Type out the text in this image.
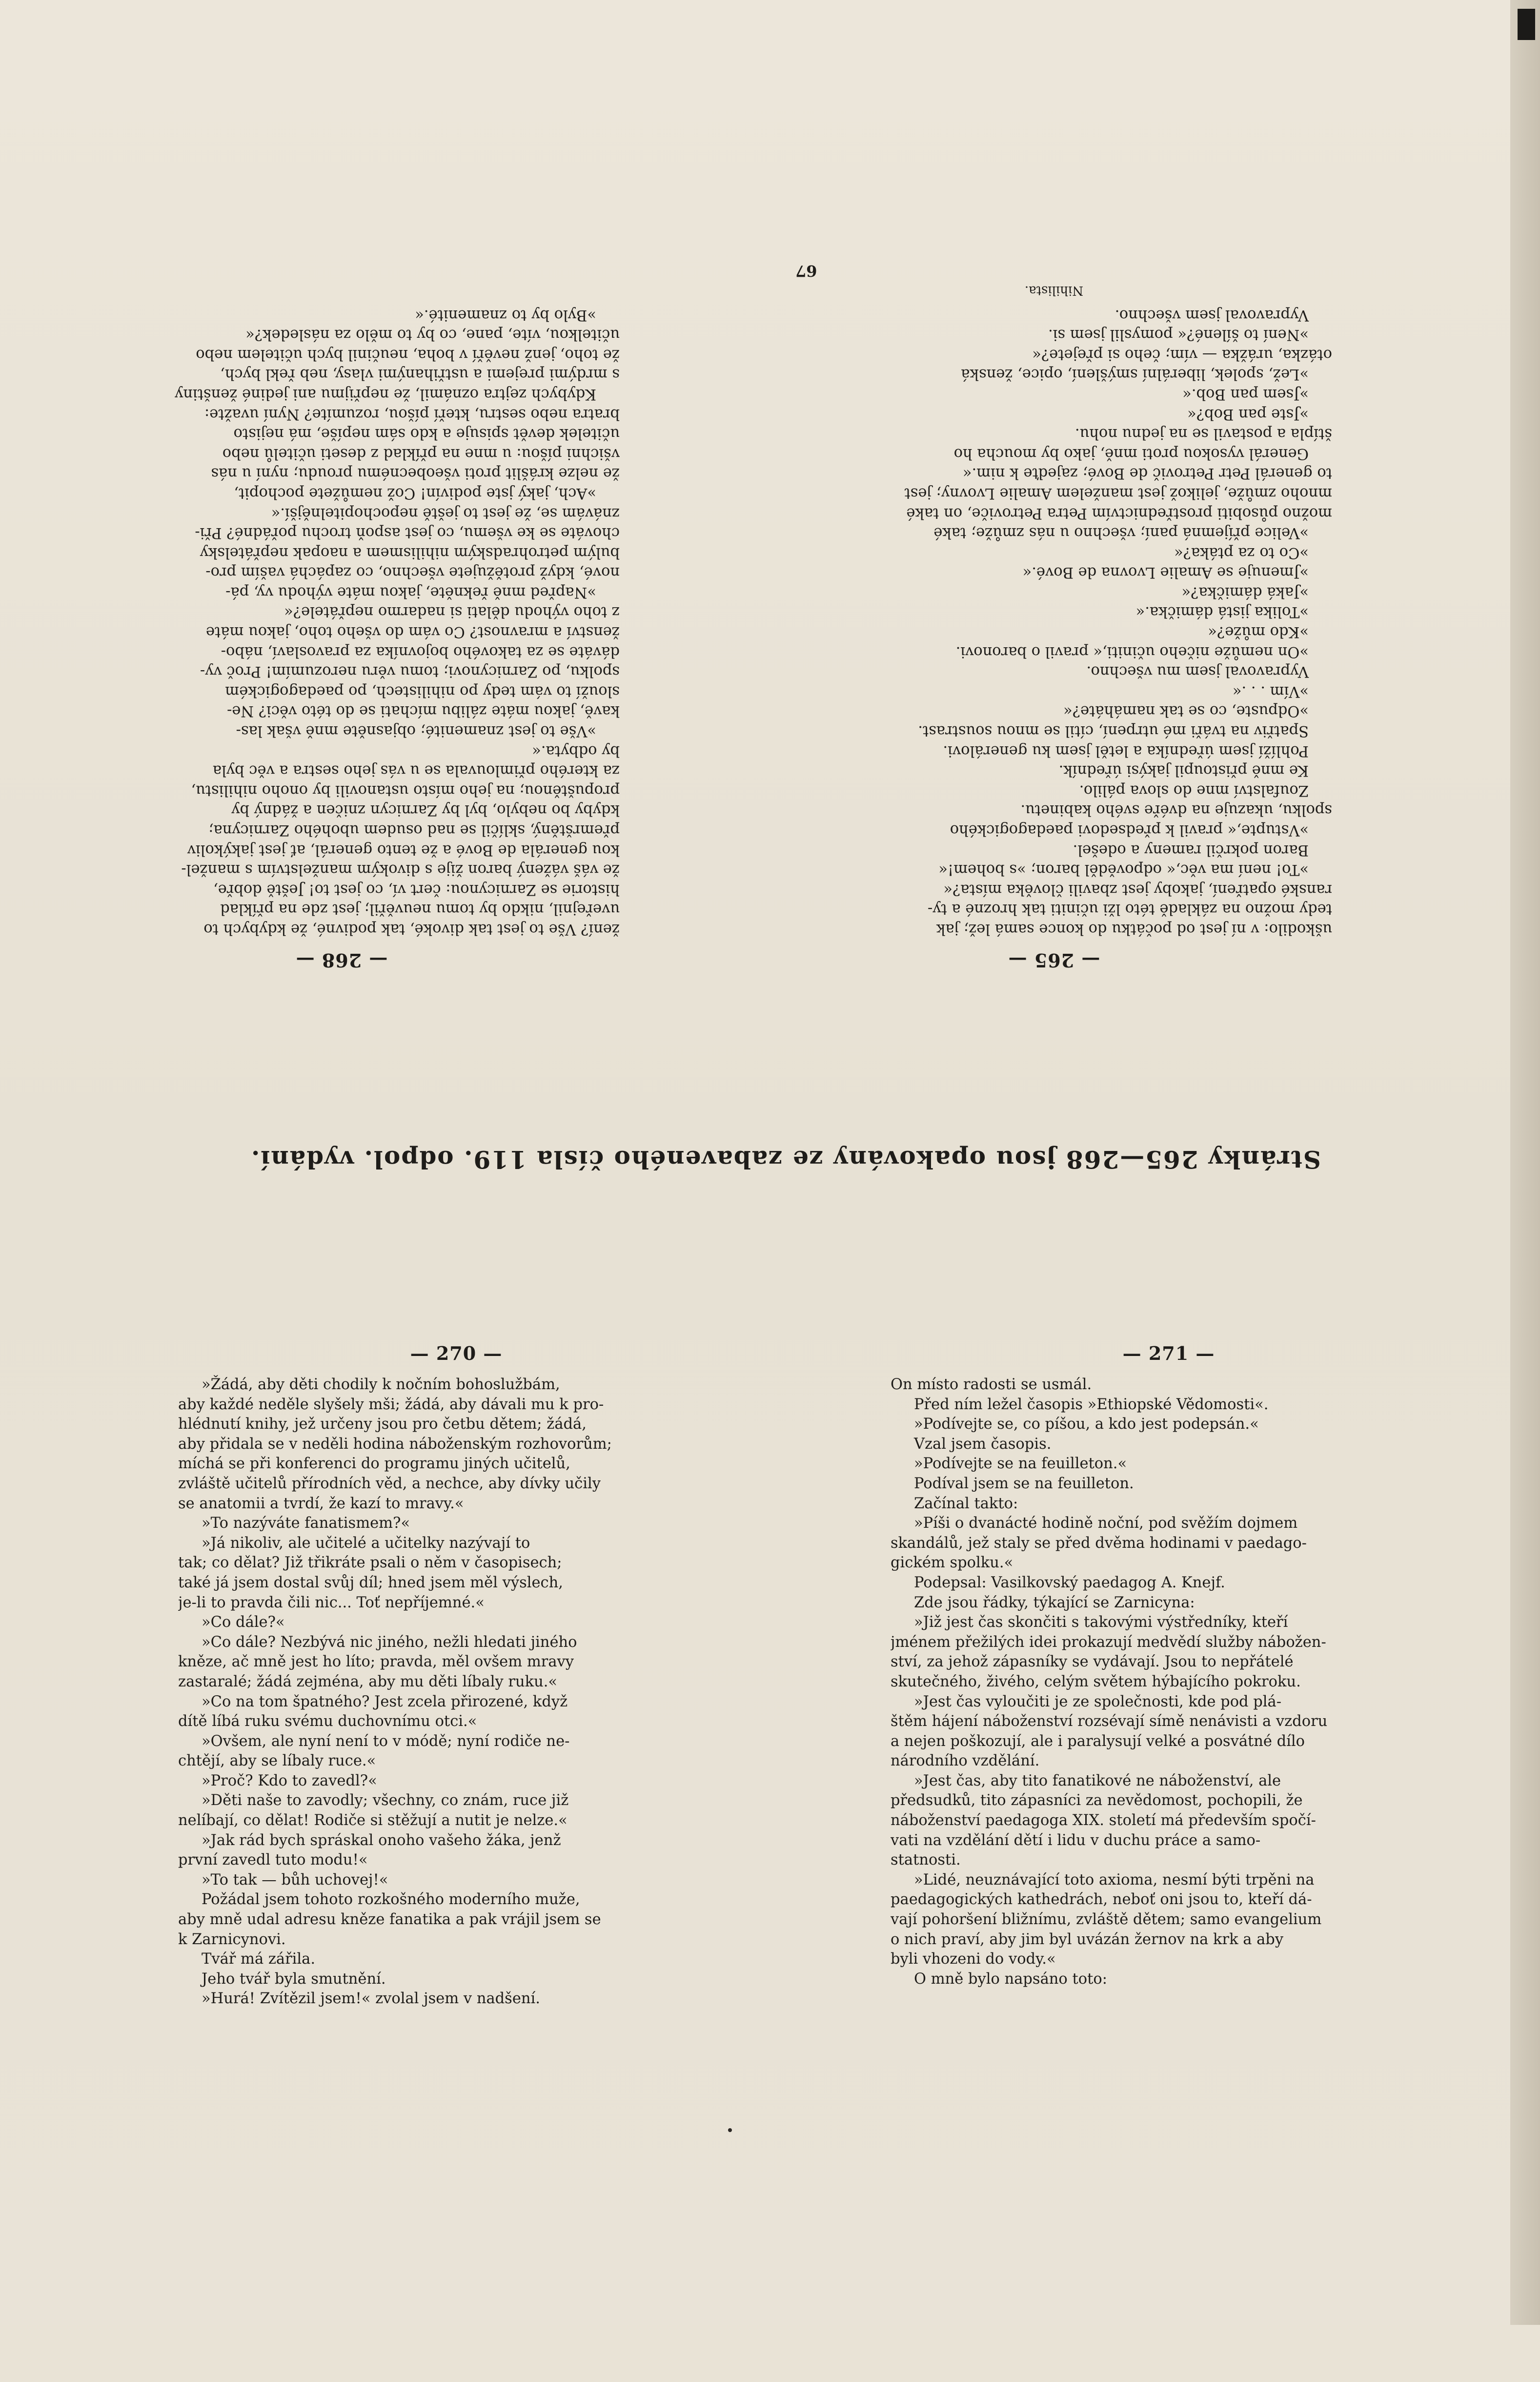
— 265 —
uškodilo: v ní jest od počátku do konce samá lež; jak
tedy možno na základě této lži učiniti tak hrozné a ty-
ranské opatření, jakoby jest zbavili člověka místa?«
»To! není ma věc,« odpověděl baron; »s bohem!«
Baron pokrčil rameny a odešel.
»Vstupte,« pravil k předsedovi paedagogického
spolku, ukazuje na dvéře svého kabinetu.
Zoufalství mne do slova pálilo.
Ke mně přistoupil jakýsi úředník.
Pohlíží jsem úředníka a letěl jsem ku generálovi.
Spatřiv na tváři mé utrpení, cítil se mnou soustrast.
»Odpuste, co se tak namáháte?«
»Vím . . .«
Vypravoval jsem mu všechno.
»On nemůže ničeho učiniti,« pravil o baronovi.
»Kdo může?«
»Tolika jistá dámička.«
»Jaká dámička?«
»Jmenuje se Amalie Lvovna de Bové.«
»Co to za ptáka?«
»Velice příjemná paní; všechno u nás zmůže; také
možno působiti prostřednictvím Petra Petroviče, on také
mnoho zmůže, jelikož jest manželem Amalie Lvovny; jest
to generál Petr Petrovič de Bové; zajeďte k nim.«
Generál vysokou proti mně, jako by moucha ho
štípla a postavil se na jednu nohu.
»Jste pan Bob?«
»Jsem pan Bob.«
»Lež, spolek, liberální smýšlení, opice, ženská
otázka, urážka — vím; čeho si přejete?«
»Není to šílené?« pomyslil jsem si.
Vypravoval jsem všechno.
Nihilista.
67
— 268 —
žení? Vše to jest tak divoké, tak podivné, že kdybych to
uveřejnil, nikdo by tomu neuvěřil; jest zde na příklad
historie se Zarnicynou: čert ví, co jest to! Ještě dobře,
že váš vážený baron žije s divokým manželstvím s manžel-
kou generála de Bové a že tento generál, ať jest jakýkoliv
přemrštěný, sklíčil se nad osudem ubohého Zarnicyna;
kdyby bo nebylo, byl by Zarnicyn zničen a žádný by
propuštěnou; na jeho místo ustanovili by onoho nihilistu,
za kterého přimlouvala se u vás jeho sestra a věc byla
by odbyta.«
»Vše to jest znamenité; objasněte mně však las-
kavě, jakou máte zálibu míchati se do této věci? Ne-
slouží to vám tedy po nihilistech, po paedagogickém
spolku, po Zarnicynovi; tomu věru nerozumím! Proč vy-
dáváte se za takového bojovníka za pravoslaví, nábo-
ženství a mravnost? Co vám do všeho toho, jakou máte
z toho výhodu dělati si nadarmo nepřátele?«
»Napřed mně řekněte, jakou máte výhodu vy, pá-
nové, když protěžujete všechno, co zapáchá vaším pro-
bulým petrohradským nihilismem a naopak nepřátelsky
chováte se ke všemu, co jest aspoň trochu pořádné? Při-
znávám se, že jest to ještě nepochopitelnější.«
»Ach, jaký jste podivín! Což nemůžete pochopit,
že nelze krášlit proti všeobecnému proudu; nyní u nás
všichni píšou: u mne na příklad z deseti učitelů nebo
učitelek devět spisuje a kdo sám nepíše, má nejisto
bratra nebo sestru, kteří píšou, rozumíte? Nyní uvažte:
Kdybych zejtra oznámil, že nepřijmu ani jediné ženštiny
s mrdými prejemi a ustřihanými vlasy, neb řekl bych,
že toho, jenž nevěří v boha, neučinil bych učitelem nebo
učitelkou, víte, pane, co by to mělo za následek?«
»Bylo by to znamenité.«
Stránky 265—268 jsou opakovány ze zabaveného čísla 119. odpol. vydání.
— 270 —
»Žádá, aby děti chodily k nočním bohoslužbám,
aby každé neděle slyšely mši; žádá, aby dávali mu k pro-
hlédnutí knihy, jež určeny jsou pro četbu dětem; žádá,
aby přidala se v neděli hodina náboženským rozhovorům;
míchá se při konferenci do programu jiných učitelů,
zvláště učitelů přírodních věd, a nechce, aby dívky učily
se anatomii a tvrdí, že kazí to mravy.«
»To nazýváte fanatismem?«
»Já nikoliv, ale učitelé a učitelky nazývají to
tak; co dělat? Již třikráte psali o něm v časopisech;
také já jsem dostal svůj díl; hned jsem měl výslech,
je-li to pravda čili nic... Toť nepříjemné.«
»Co dále?«
»Co dále? Nezbývá nic jiného, nežli hledati jiného
kněze, ač mně jest ho líto; pravda, měl ovšem mravy
zastaralé; žádá zejména, aby mu děti líbaly ruku.«
»Co na tom špatného? Jest zcela přirozené, když
dítě líbá ruku svému duchovnímu otci.«
»Ovšem, ale nyní není to v módě; nyní rodiče ne-
chtějí, aby se líbaly ruce.«
»Proč? Kdo to zavedl?«
»Děti naše to zavodly; všechny, co znám, ruce již
nelíbají, co dělat! Rodiče si stěžují a nutit je nelze.«
»Jak rád bych spráskal onoho vašeho žáka, jenž
první zavedl tuto modu!«
»To tak — bůh uchovej!«
Požádal jsem tohoto rozkošného moderního muže,
aby mně udal adresu kněze fanatika a pak vrájil jsem se
k Zarnicynovi.
Tvář má zářila.
Jeho tvář byla smutnění.
»Hurá! Zvítězil jsem!« zvolal jsem v nadšení.
— 271 —
On místo radosti se usmál.
Před ním ležel časopis »Ethiopské Vědomosti«.
»Podívejte se, co píšou, a kdo jest podepsán.«
Vzal jsem časopis.
»Podívejte se na feuilleton.«
Podíval jsem se na feuilleton.
Začínal takto:
»Píši o dvanácté hodině noční, pod svěžím dojmem
skandálů, jež staly se před dvěma hodinami v paedago-
gickém spolku.«
Podepsal: Vasilkovský paedagog A. Knejf.
Zde jsou řádky, týkající se Zarnicyna:
»Již jest čas skončiti s takovými výstředníky, kteří
jménem přežilých idei prokazují medvědí služby nábožen-
ství, za jehož zápasníky se vydávají. Jsou to nepřátelé
skutečného, živého, celým světem hýbajícího pokroku.
»Jest čas vyloučiti je ze společnosti, kde pod plá-
štěm hájení náboženství rozsévají símě nenávisti a vzdoru
a nejen poškozují, ale i paralysují velké a posvátné dílo
národního vzdělání.
»Jest čas, aby tito fanatikové ne náboženství, ale
předsudků, tito zápasníci za nevědomost, pochopili, že
náboženství paedagoga XIX. století má především spočí-
vati na vzdělání dětí i lidu v duchu práce a samo-
statnosti.
»Lidé, neuznávající toto axioma, nesmí býti trpěni na
paedagogických kathedrách, neboť oni jsou to, kteří dá-
vají pohoršení bližnímu, zvláště dětem; samo evangelium
o nich praví, aby jim byl uvázán žernov na krk a aby
byli vhozeni do vody.«
O mně bylo napsáno toto:
